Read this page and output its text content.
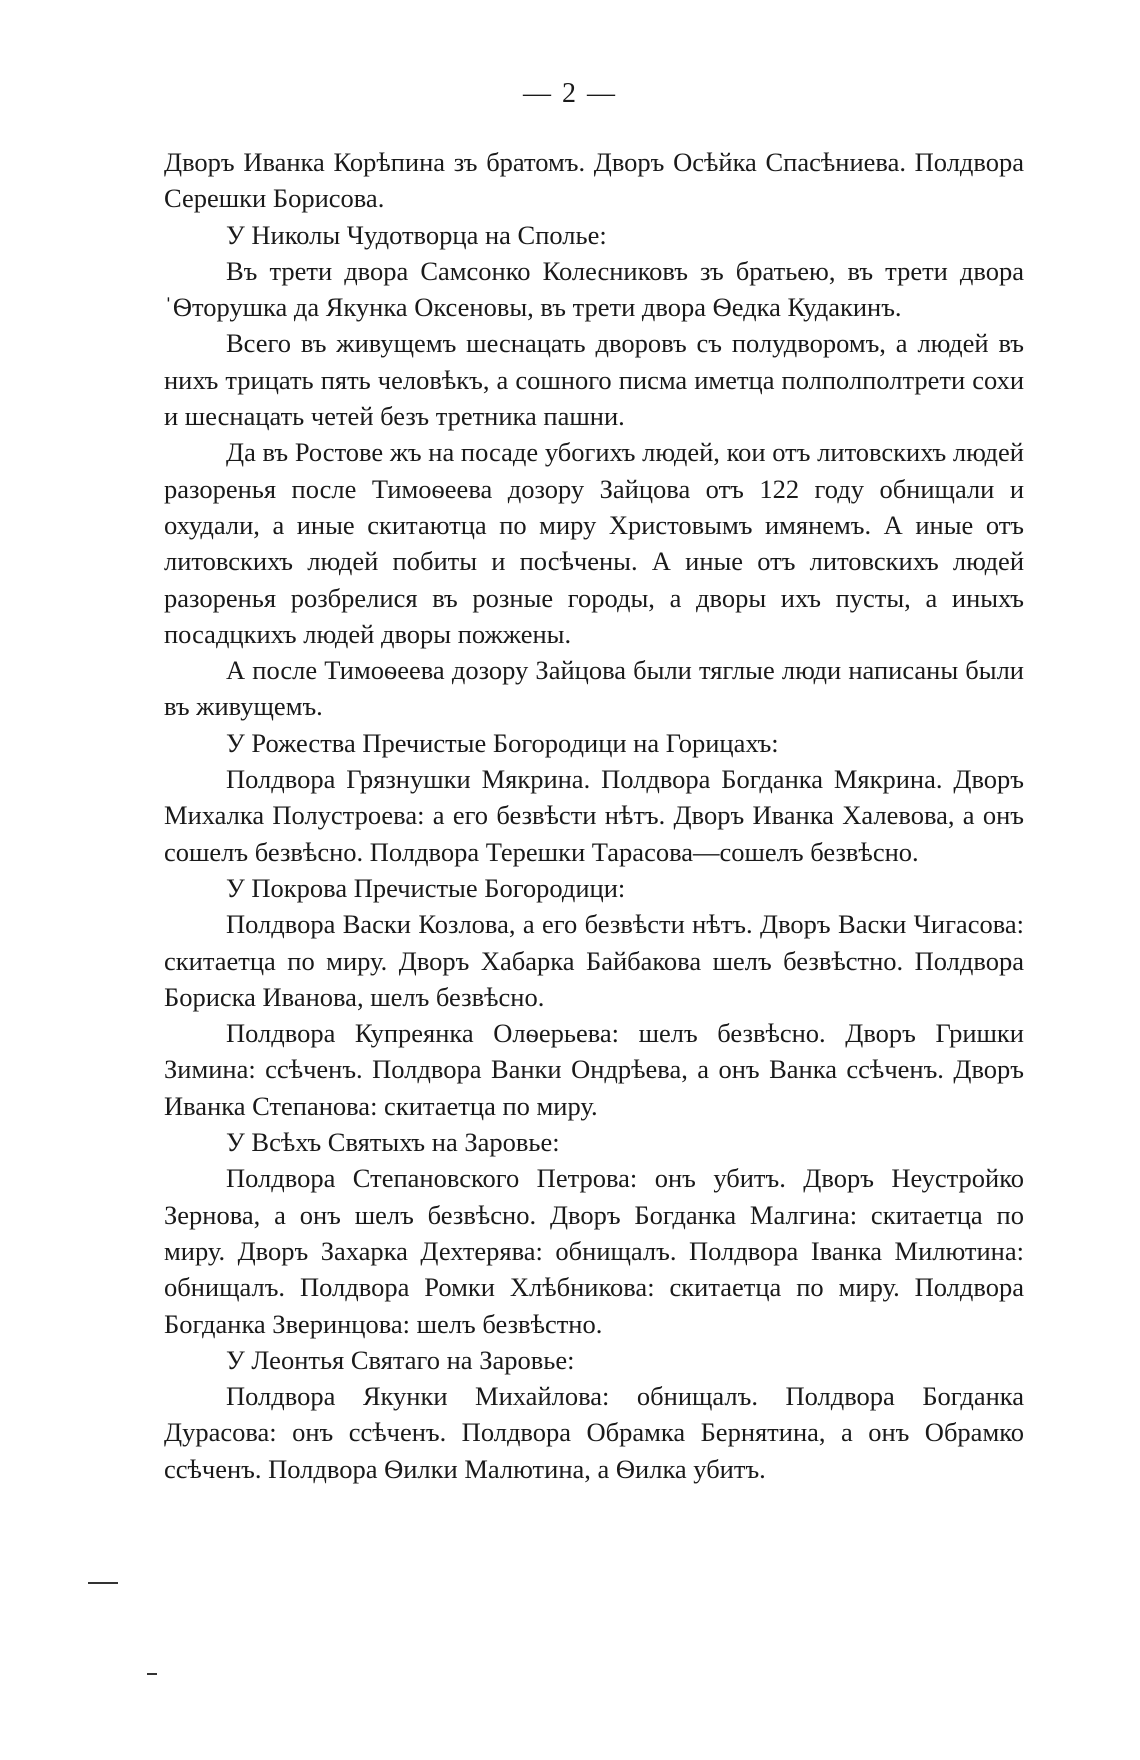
— 2 —

Дворъ Иванка Корѣпина зъ братомъ. Дворъ Осѣйка Спасѣниева. Полдвора Серешки Борисова.

У Николы Чудотворца на Сполье:

Въ трети двора Самсонко Колесниковъ зъ братьею, въ трети двора ˈѲторушка да Якунка Оксеновы, въ трети двора Ѳедка Кудакинъ.

Всего въ живущемъ шеснацать дворовъ съ полудворомъ, а людей въ нихъ трицать пять человѣкъ, а сошного писма иметца полполполтрети сохи и шеснацать четей безъ третника пашни.

Да въ Ростове жъ на посаде убогихъ людей, кои отъ литовскихъ людей разоренья после Тимоѳеева дозору Зайцова отъ 122 году обнищали и охудали, а иные скитаютца по миру Христовымъ имянемъ. А иные отъ литовскихъ людей побиты и посѣчены. А иные отъ литовскихъ людей разоренья розбрелися въ розные городы, а дворы ихъ пусты, а иныхъ посадцкихъ людей дворы пожжены.

А после Тимоѳеева дозору Зайцова были тяглые люди написаны были въ живущемъ.

У Рожества Пречистые Богородици на Горицахъ:

Полдвора Грязнушки Мякрина. Полдвора Богданка Мякрина. Дворъ Михалка Полустроева: а его безвѣсти нѣтъ. Дворъ Иванка Халевова, а онъ сошелъ безвѣсно. Полдвора Терешки Тарасова—сошелъ безвѣсно.

У Покрова Пречистые Богородици:

Полдвора Васки Козлова, а его безвѣсти нѣтъ. Дворъ Васки Чигасова: скитаетца по миру. Дворъ Хабарка Байбакова шелъ безвѣстно. Полдвора Бориска Иванова, шелъ безвѣсно.

Полдвора Купреянка Олѳерьева: шелъ безвѣсно. Дворъ Гришки Зимина: ссѣченъ. Полдвора Ванки Ондрѣева, а онъ Ванка ссѣченъ. Дворъ Иванка Степанова: скитаетца по миру.

У Всѣхъ Святыхъ на Заровье:

Полдвора Степановского Петрова: онъ убитъ. Дворъ Неустройко Зернова, а онъ шелъ безвѣсно. Дворъ Богданка Малгина: скитаетца по миру. Дворъ Захарка Дехтерява: обнищалъ. Полдвора Іванка Милютина: обнищалъ. Полдвора Ромки Хлѣбникова: скитаетца по миру. Полдвора Богданка Зверинцова: шелъ безвѣстно.

У Леонтья Святаго на Заровье:

Полдвора Якунки Михайлова: обнищалъ. Полдвора Богданка Дурасова: онъ ссѣченъ. Полдвора Обрамка Бернятина, а онъ Обрамко ссѣченъ. Полдвора Ѳилки Малютина, а Ѳилка убитъ.
